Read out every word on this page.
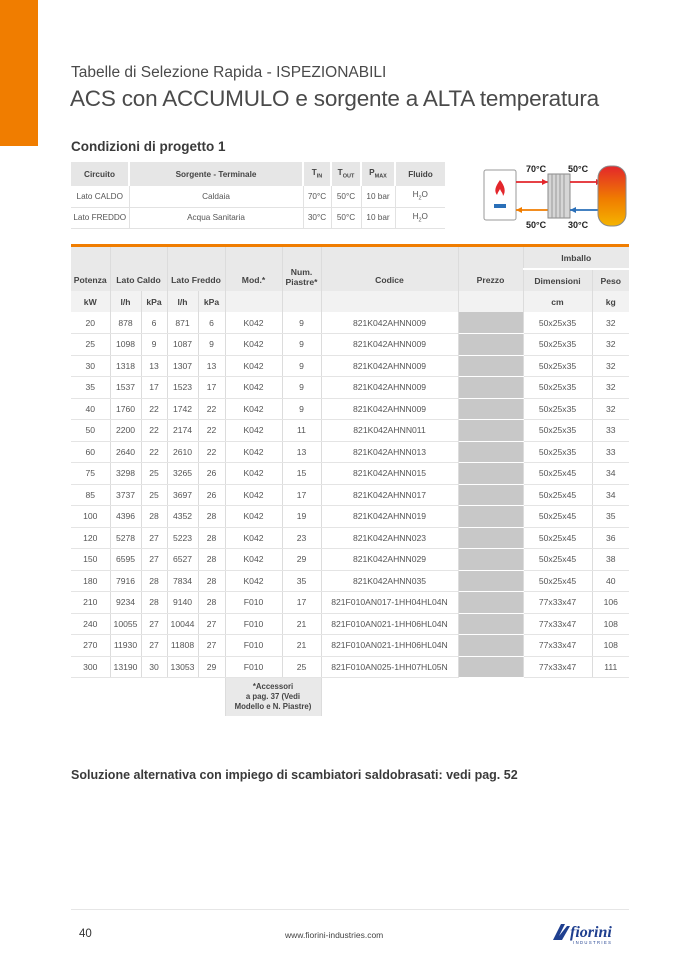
Tabelle di Selezione Rapida - ISPEZIONABILI
ACS con ACCUMULO e sorgente a ALTA temperatura
Condizioni di progetto 1
Circuito	Sorgente - Terminale	$T_{IN}$	$T_{OUT}$	$P_{MAX}$	Fluido
Lato CALDO	Caldaia	70°C	50°C	10 bar	$H_2O$
Lato FREDDO	Acqua Sanitaria	30°C	50°C	10 bar	$H_2O$
70°C 50°C
50°C 30°C
Potenza	Lato Caldo		Lato Freddo		Mod.*	Num. Piastre*	Codice	Prezzo	Imballo	
									Dimensioni	Peso
kW	l/h	kPa	l/h	kPa					cm	kg
20	878	6	871	6	K042	9	821K042AHNN009		50x25x35	32
25	1098	9	1087	9	K042	9	821K042AHNN009		50x25x35	32
30	1318	13	1307	13	K042	9	821K042AHNN009		50x25x35	32
35	1537	17	1523	17	K042	9	821K042AHNN009		50x25x35	32
40	1760	22	1742	22	K042	9	821K042AHNN009		50x25x35	32
50	2200	22	2174	22	K042	11	821K042AHNN011		50x25x35	33
60	2640	22	2610	22	K042	13	821K042AHNN013		50x25x35	33
75	3298	25	3265	26	K042	15	821K042AHNN015		50x25x45	34
85	3737	25	3697	26	K042	17	821K042AHNN017		50x25x45	34
100	4396	28	4352	28	K042	19	821K042AHNN019		50x25x45	35
120	5278	27	5223	28	K042	23	821K042AHNN023		50x25x45	36
150	6595	27	6527	28	K042	29	821K042AHNN029		50x25x45	38
180	7916	28	7834	28	K042	35	821K042AHNN035		50x25x45	40
210	9234	28	9140	28	F010	17	821F010AN017-1HH04HL04N		77x33x47	106
240	10055	27	10044	27	F010	21	821F010AN021-1HH06HL04N		77x33x47	108
270	11930	27	11808	27	F010	21	821F010AN021-1HH06HL04N		77x33x47	108
300	13190	30	13053	29	F010	25	821F010AN025-1HH07HL05N		77x33x47	111

					*Accessori
a pag. 37 (Vedi
Modello e N. Piastre)					

Soluzione alternativa con impiego di scambiatori saldobrasati: vedi pag. 52
40	www.fiorini-industries.com	fiorini
INDUSTRIES
